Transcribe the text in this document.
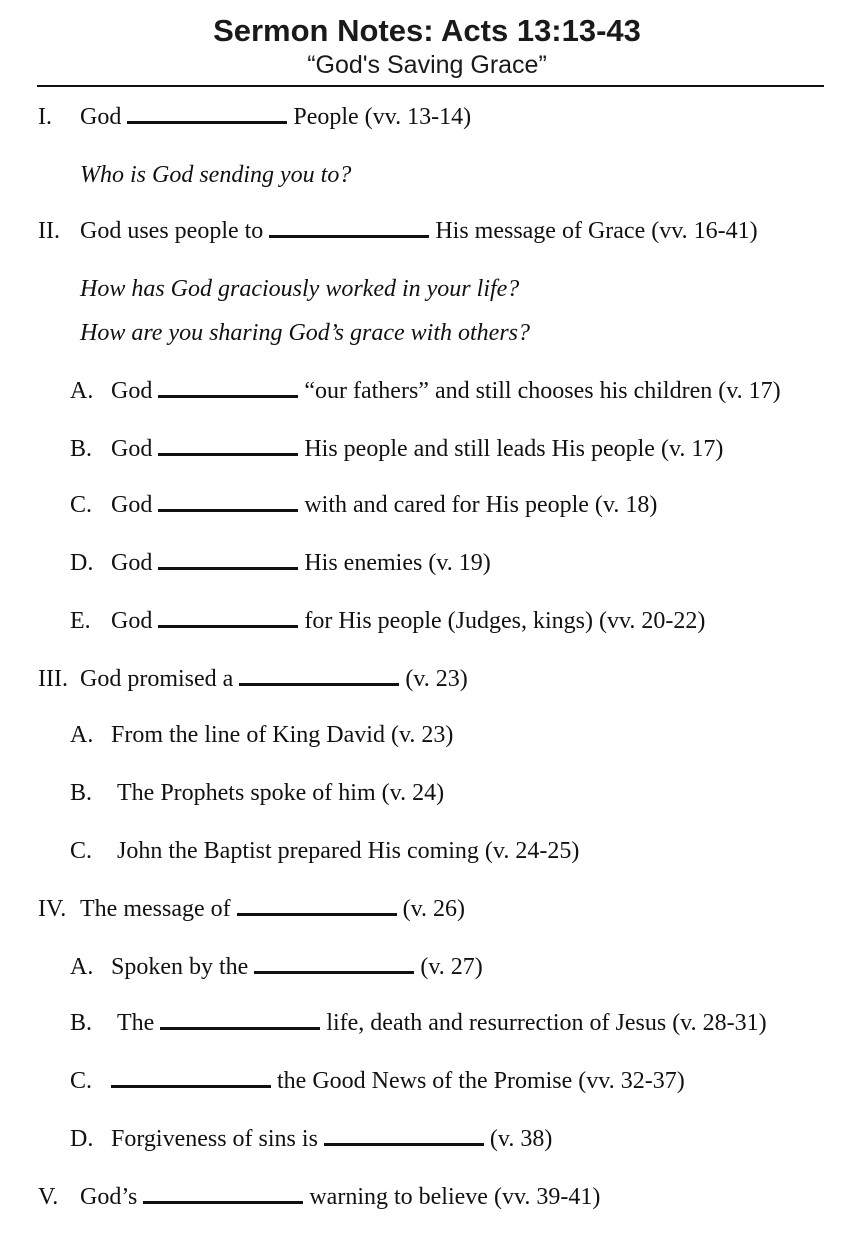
Sermon Notes: Acts 13:13-43
“God's Saving Grace”
I. God	People (vv. 13-14)
Who is God sending you to?
II. God uses people to	His message of Grace (vv. 16-41)
How has God graciously worked in your life?
How are you sharing God’s grace with others?
A. God	“our fathers” and still chooses his children (v. 17)
B. God	His people and still leads His people (v. 17)
C. God	with and cared for His people (v. 18)
D. God	His enemies (v. 19)
E. God	for His people (Judges, kings) (vv. 20-22)
III. God promised a	(v. 23)
A. From the line of King David (v. 23)
B. The Prophets spoke of him (v. 24)
C. John the Baptist prepared His coming (v. 24-25)
IV. The message of	(v. 26)
A. Spoken by the	(v. 27)
B. The	life, death and resurrection of Jesus (v. 28-31)
C.	the Good News of the Promise (vv. 32-37)
D. Forgiveness of sins is	(v. 38)
V. God’s	warning to believe (vv. 39-41)
